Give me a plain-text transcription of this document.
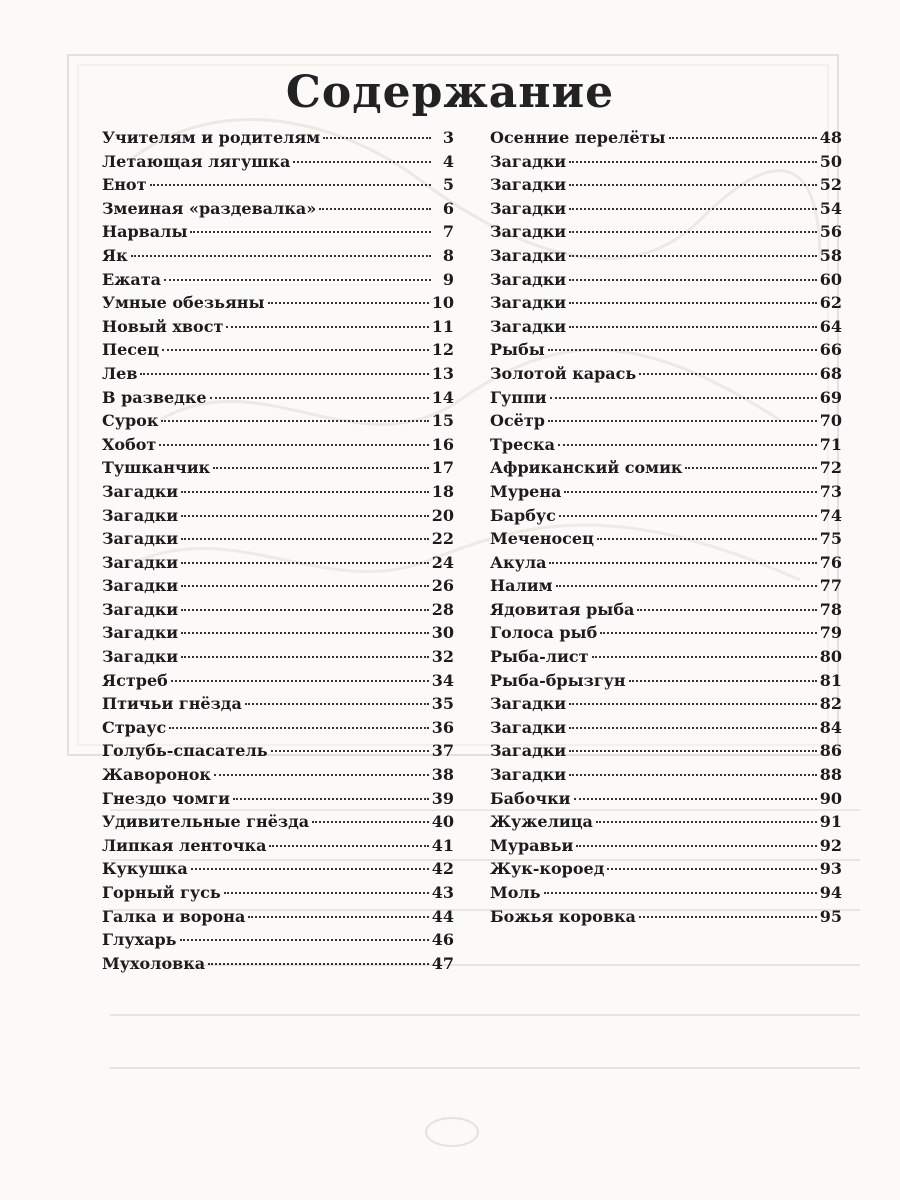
Содержание
Учителям и родителям	3
Летающая лягушка	4
Енот	5
Змеиная «раздевалка»	6
Нарвалы	7
Як	8
Ежата	9
Умные обезьяны	10
Новый хвост	11
Песец	12
Лев	13
В разведке	14
Сурок	15
Хобот	16
Тушканчик	17
Загадки	18
Загадки	20
Загадки	22
Загадки	24
Загадки	26
Загадки	28
Загадки	30
Загадки	32
Ястреб	34
Птичьи гнёзда	35
Страус	36
Голубь-спасатель	37
Жаворонок	38
Гнездо чомги	39
Удивительные гнёзда	40
Липкая ленточка	41
Кукушка	42
Горный гусь	43
Галка и ворона	44
Глухарь	46
Мухоловка	47
Осенние перелёты	48
Загадки	50
Загадки	52
Загадки	54
Загадки	56
Загадки	58
Загадки	60
Загадки	62
Загадки	64
Рыбы	66
Золотой карась	68
Гуппи	69
Осётр	70
Треска	71
Африканский сомик	72
Мурена	73
Барбус	74
Меченосец	75
Акула	76
Налим	77
Ядовитая рыба	78
Голоса рыб	79
Рыба-лист	80
Рыба-брызгун	81
Загадки	82
Загадки	84
Загадки	86
Загадки	88
Бабочки	90
Жужелица	91
Муравьи	92
Жук-короед	93
Моль	94
Божья коровка	95
